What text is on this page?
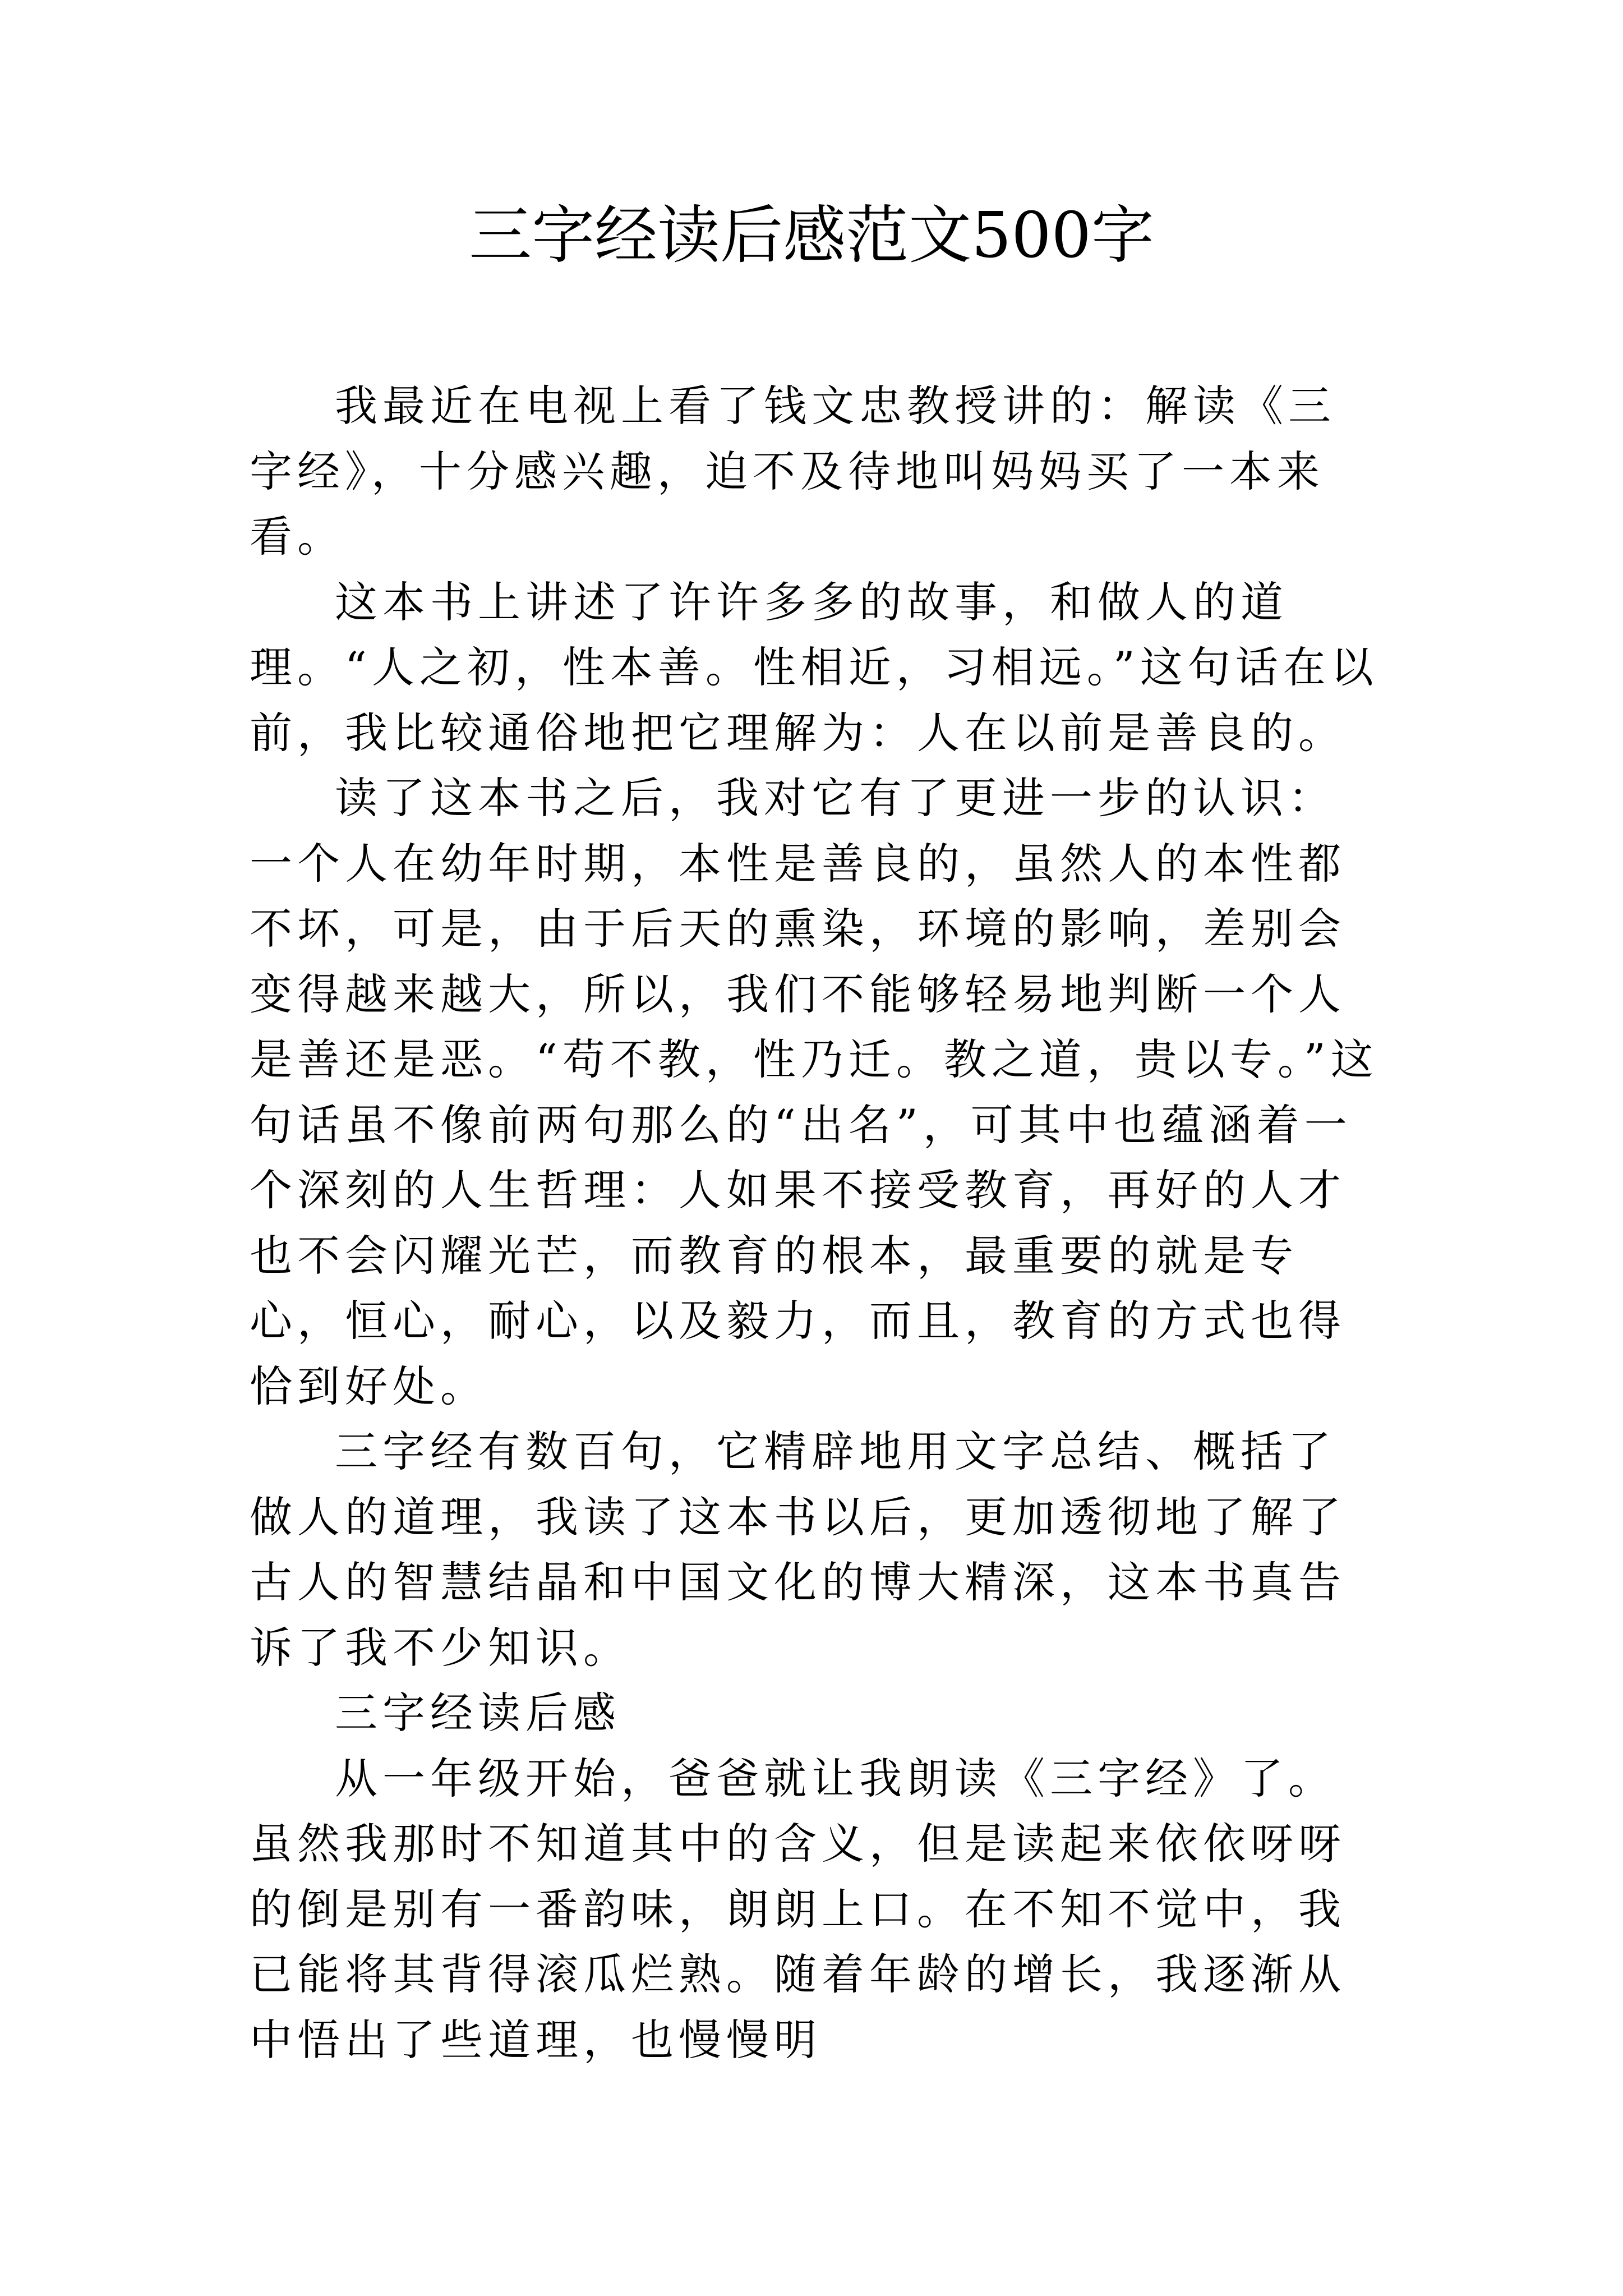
三字经读后感范文500字

我最近在电视上看了钱文忠教授讲的：解读《三字经》，十分感兴趣，迫不及待地叫妈妈买了一本来看。

这本书上讲述了许许多多的故事，和做人的道理。“人之初，性本善。性相近，习相远。”这句话在以前，我比较通俗地把它理解为：人在以前是善良的。

读了这本书之后，我对它有了更进一步的认识：一个人在幼年时期，本性是善良的，虽然人的本性都不坏，可是，由于后天的熏染，环境的影响，差别会变得越来越大，所以，我们不能够轻易地判断一个人是善还是恶。“苟不教，性乃迁。教之道，贵以专。”这句话虽不像前两句那么的“出名”，可其中也蕴涵着一个深刻的人生哲理：人如果不接受教育，再好的人才也不会闪耀光芒，而教育的根本，最重要的就是专心，恒心，耐心，以及毅力，而且，教育的方式也得恰到好处。

三字经有数百句，它精辟地用文字总结、概括了做人的道理，我读了这本书以后，更加透彻地了解了古人的智慧结晶和中国文化的博大精深，这本书真告诉了我不少知识。

三字经读后感

从一年级开始，爸爸就让我朗读《三字经》了。虽然我那时不知道其中的含义，但是读起来依依呀呀的倒是别有一番韵味，朗朗上口。在不知不觉中，我已能将其背得滚瓜烂熟。随着年龄的增长，我逐渐从中悟出了些道理，也慢慢明
